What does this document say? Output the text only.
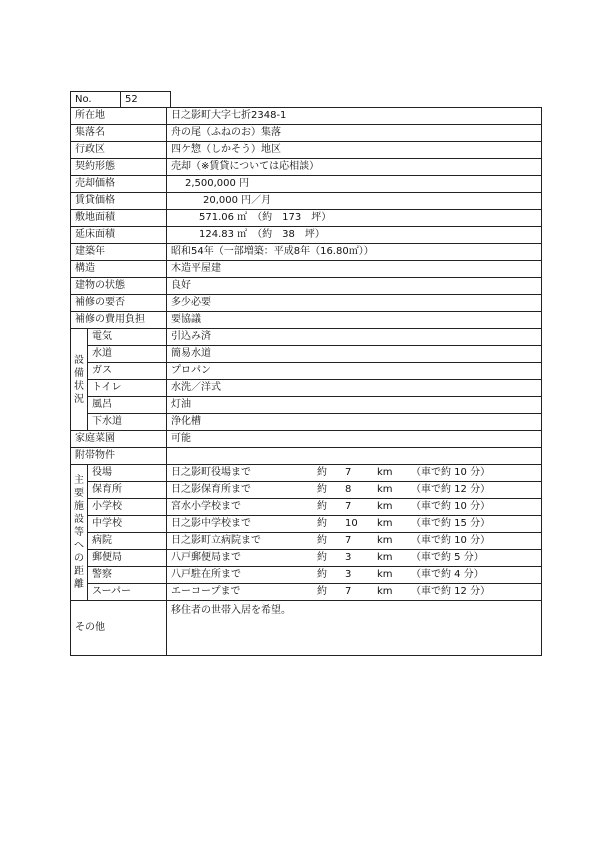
No.	52
所在地		日之影町大字七折2348-1
集落名		舟の尾（ふねのお）集落
行政区		四ケ惣（しかそう）地区
契約形態		売却（※賃貸については応相談）
売却価格		2,500,000 円
賃貸価格		20,000 円／月
敷地面積		571.06 ㎡　（約　173　坪）
延床面積		124.83 ㎡　（約　38　坪）
建築年		昭和54年（一部増築：平成8年（16.80㎡））
構造		木造平屋建
建物の状態		良好
補修の要否		多少必要
補修の費用負担		要協議
設備状況	電気	引込み済
	水道	簡易水道
	ガス	プロパン
	トイレ	水洗／洋式
	風呂	灯油
	下水道	浄化槽
家庭菜園		可能
附帯物件		
主要施設等への距離	役場	日之影町役場まで 約 7 km （車で約 10 分）
	保育所	日之影保育所まで 約 8 km （車で約 12 分）
	小学校	宮水小学校まで 約 7 km （車で約 10 分）
	中学校	日之影中学校まで 約 10 km （車で約 15 分）
	病院	日之影町立病院まで 約 7 km （車で約 10 分）
	郵便局	八戸郵便局まで 約 3 km （車で約 5 分）
	警察	八戸駐在所まで 約 3 km （車で約 4 分）
	スーパー	エーコープまで 約 7 km （車で約 12 分）
その他		移住者の世帯入居を希望。
